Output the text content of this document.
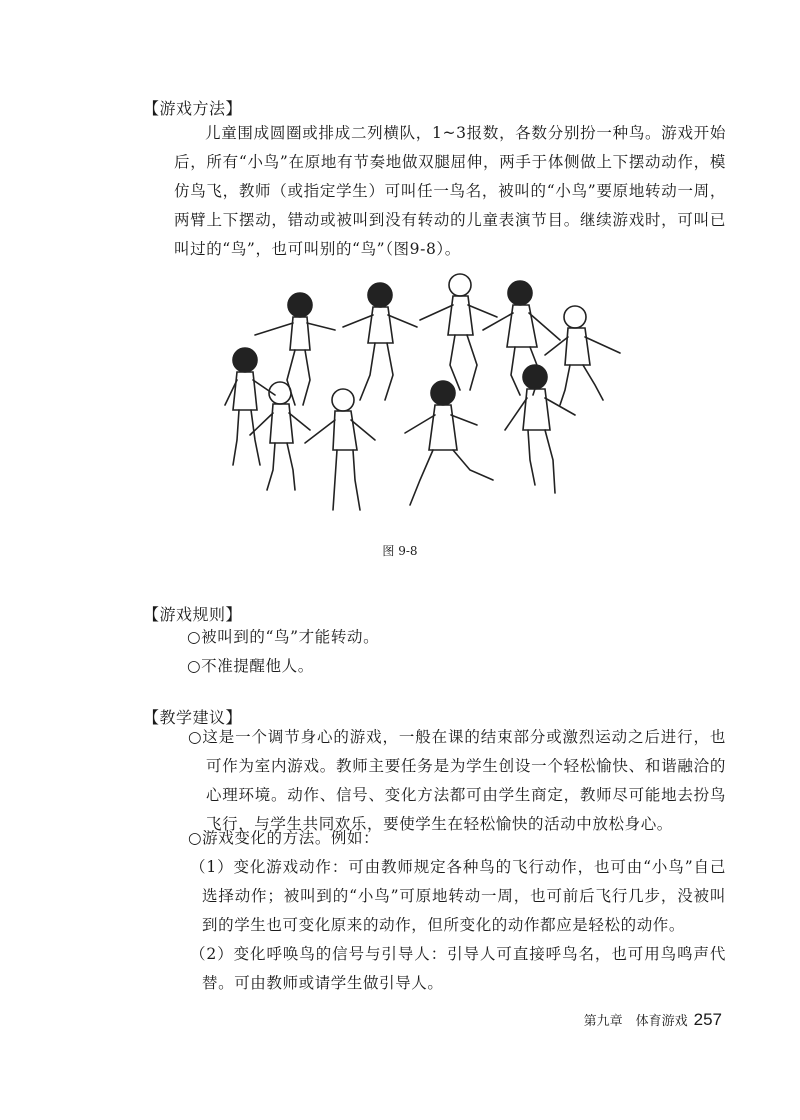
【游戏方法】
儿童围成圆圈或排成二列横队，1~3报数，各数分别扮一种鸟。游戏开始后，所有“小鸟”在原地有节奏地做双腿屈伸，两手于体侧做上下摆动动作，模仿鸟飞，教师（或指定学生）可叫任一鸟名，被叫的“小鸟”要原地转动一周，两臂上下摆动，错动或被叫到没有转动的儿童表演节目。继续游戏时，可叫已叫过的“鸟”，也可叫别的“鸟”（图9-8）。
图 9-8
【游戏规则】
○被叫到的“鸟”才能转动。
○不准提醒他人。
【教学建议】
○这是一个调节身心的游戏，一般在课的结束部分或激烈运动之后进行，也可作为室内游戏。教师主要任务是为学生创设一个轻松愉快、和谐融洽的心理环境。动作、信号、变化方法都可由学生商定，教师尽可能地去扮鸟飞行，与学生共同欢乐，要使学生在轻松愉快的活动中放松身心。
○游戏变化的方法。例如：
（1）变化游戏动作：可由教师规定各种鸟的飞行动作，也可由“小鸟”自己选择动作；被叫到的“小鸟”可原地转动一周，也可前后飞行几步，没被叫到的学生也可变化原来的动作，但所变化的动作都应是轻松的动作。
（2）变化呼唤鸟的信号与引导人：引导人可直接呼鸟名，也可用鸟鸣声代替。可由教师或请学生做引导人。
第九章　体育游戏 257
